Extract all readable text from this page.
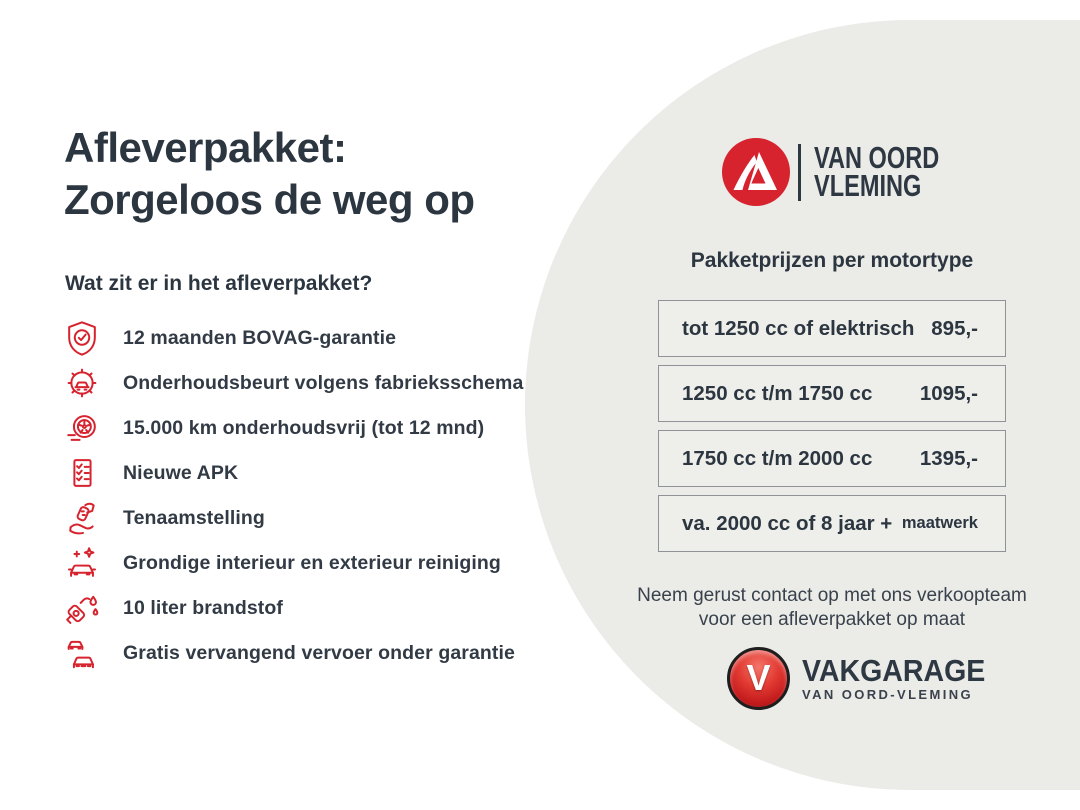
Afleverpakket:
Zorgeloos de weg op
Wat zit er in het afleverpakket?
12 maanden BOVAG-garantie
Onderhoudsbeurt volgens fabrieksschema
15.000 km onderhoudsvrij (tot 12 mnd)
Nieuwe APK
Tenaamstelling
Grondige interieur en exterieur reiniging
10 liter brandstof
Gratis vervangend vervoer onder garantie
VAN OORD
VLEMING
Pakketprijzen per motortype
tot 1250 cc of elektrisch 895,-
1250 cc t/m 1750 cc 1095,-
1750 cc t/m 2000 cc 1395,-
va. 2000 cc of 8 jaar + maatwerk
Neem gerust contact op met ons verkoopteam
voor een afleverpakket op maat
V VAKGARAGE
VAN OORD-VLEMING
